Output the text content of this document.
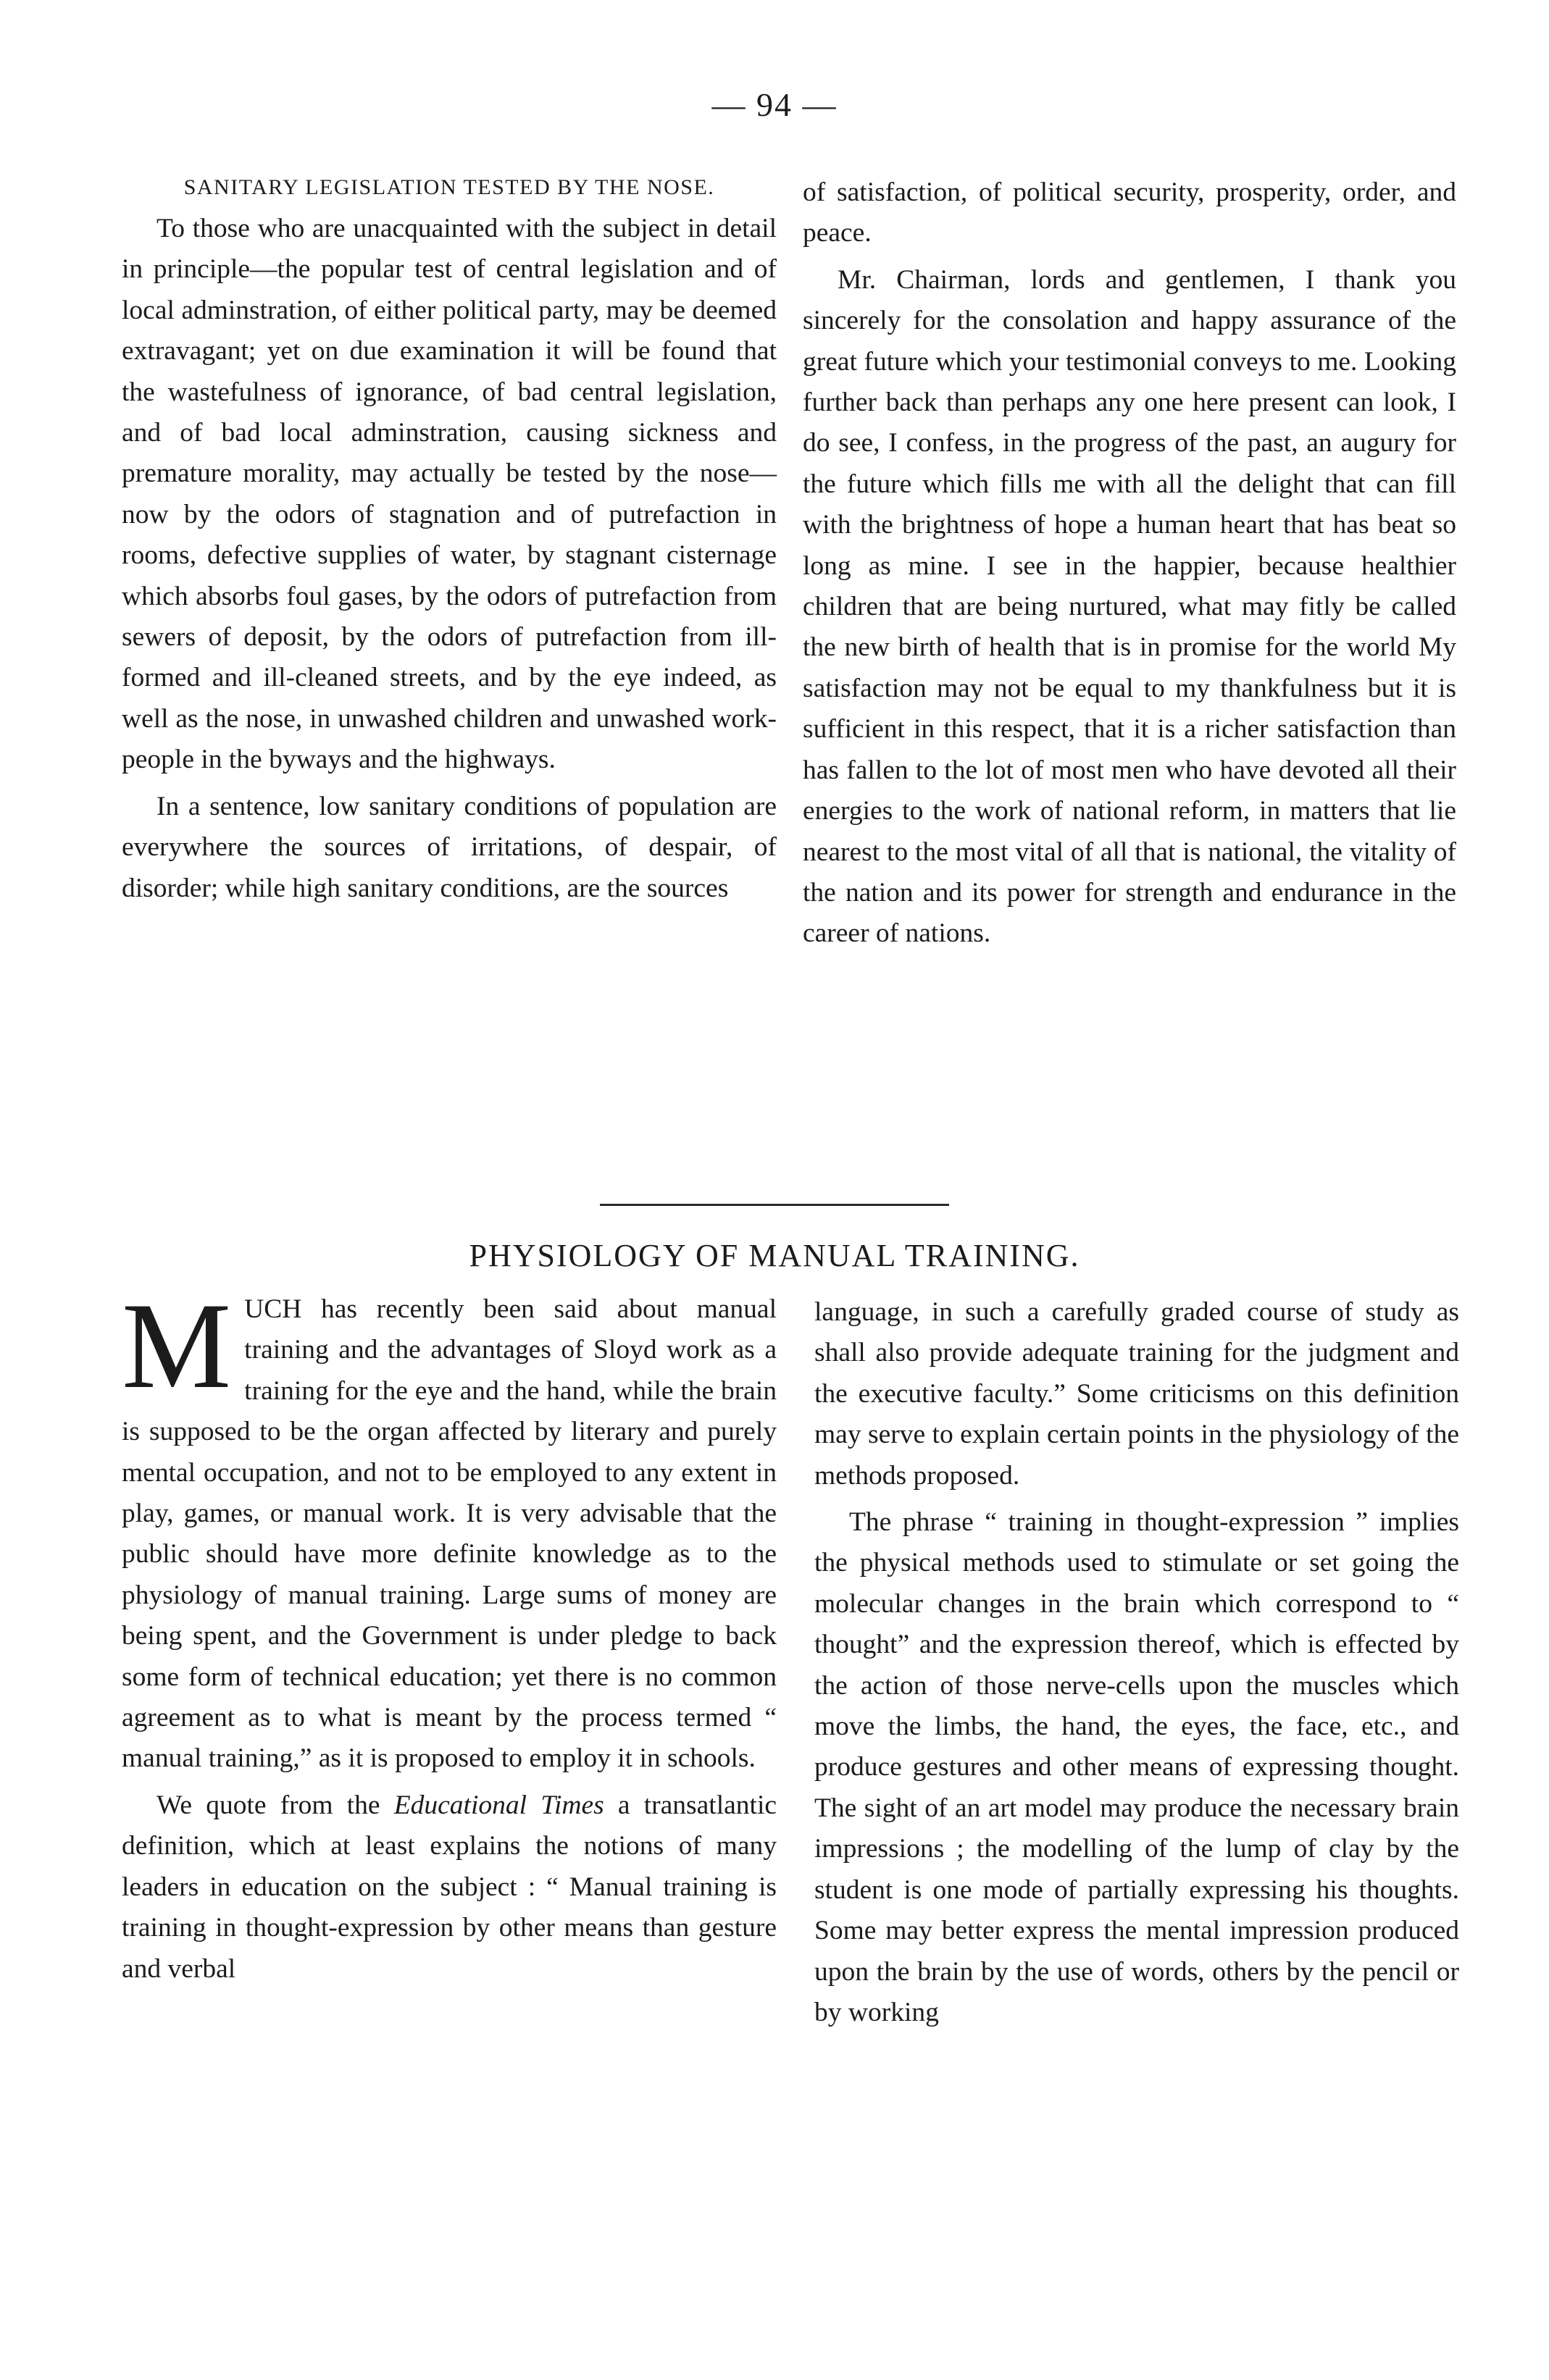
— 94 —
SANITARY LEGISLATION TESTED BY THE NOSE.

To those who are unacquainted with the subject in detail in principle—the popular test of central legislation and of local adminstration, of either political party, may be deemed extravagant; yet on due examination it will be found that the wastefulness of ignorance, of bad central legislation, and of bad local adminstration, causing sickness and premature morality, may actually be tested by the nose—now by the odors of stagnation and of putrefaction in rooms, defective supplies of water, by stagnant cisternage which absorbs foul gases, by the odors of putrefaction from sewers of deposit, by the odors of putrefaction from ill-formed and ill-cleaned streets, and by the eye indeed, as well as the nose, in unwashed children and unwashed work-people in the byways and the highways.

In a sentence, low sanitary conditions of population are everywhere the sources of irritations, of despair, of disorder; while high sanitary conditions, are the sources

of satisfaction, of political security, prosperity, order, and peace.

Mr. Chairman, lords and gentlemen, I thank you sincerely for the consolation and happy assurance of the great future which your testimonial conveys to me. Looking further back than perhaps any one here present can look, I do see, I confess, in the progress of the past, an augury for the future which fills me with all the delight that can fill with the brightness of hope a human heart that has beat so long as mine. I see in the happier, because healthier children that are being nurtured, what may fitly be called the new birth of health that is in promise for the world My satisfaction may not be equal to my thankfulness but it is sufficient in this respect, that it is a richer satisfaction than has fallen to the lot of most men who have devoted all their energies to the work of national reform, in matters that lie nearest to the most vital of all that is national, the vitality of the nation and its power for strength and endurance in the career of nations.

PHYSIOLOGY OF MANUAL TRAINING.

MUCH has recently been said about manual training and the advantages of Sloyd work as a training for the eye and the hand, while the brain is supposed to be the organ affected by literary and purely mental occupation, and not to be employed to any extent in play, games, or manual work. It is very advisable that the public should have more definite knowledge as to the physiology of manual training. Large sums of money are being spent, and the Government is under pledge to back some form of technical education; yet there is no common agreement as to what is meant by the process termed “ manual training,” as it is proposed to employ it in schools.

We quote from the Educational Times a transatlantic definition, which at least explains the notions of many leaders in education on the subject : “ Manual training is training in thought-expression by other means than gesture and verbal

language, in such a carefully graded course of study as shall also provide adequate training for the judgment and the executive faculty.” Some criticisms on this definition may serve to explain certain points in the physiology of the methods proposed.

The phrase “ training in thought-expression ” implies the physical methods used to stimulate or set going the molecular changes in the brain which correspond to “ thought” and the expression thereof, which is effected by the action of those nerve-cells upon the muscles which move the limbs, the hand, the eyes, the face, etc., and produce gestures and other means of expressing thought. The sight of an art model may produce the necessary brain impressions ; the modelling of the lump of clay by the student is one mode of partially expressing his thoughts. Some may better express the mental impression produced upon the brain by the use of words, others by the pencil or by working
